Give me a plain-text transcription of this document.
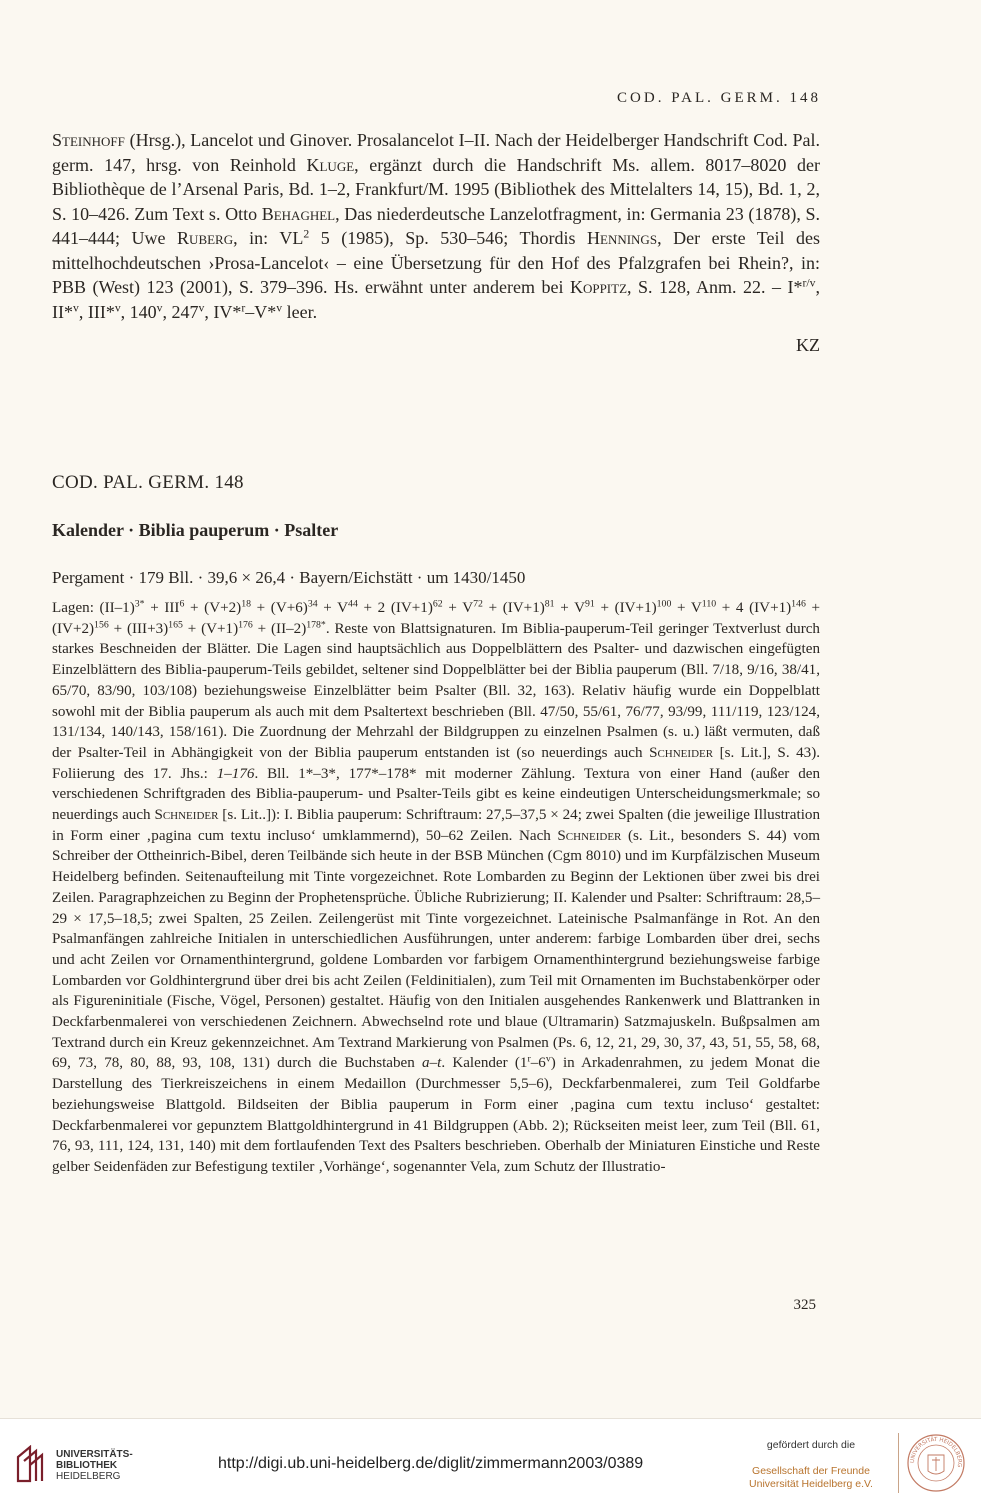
COD. PAL. GERM. 148
Steinhoff (Hrsg.), Lancelot und Ginover. Prosalancelot I–II. Nach der Heidelberger Handschrift Cod. Pal. germ. 147, hrsg. von Reinhold Kluge, ergänzt durch die Handschrift Ms. allem. 8017–8020 der Bibliothèque de l’Arsenal Paris, Bd. 1–2, Frankfurt/M. 1995 (Bibliothek des Mittelalters 14, 15), Bd. 1, 2, S. 10–426. Zum Text s. Otto Behaghel, Das niederdeutsche Lanzelotfragment, in: Germania 23 (1878), S. 441–444; Uwe Ruberg, in: $VL^2$ 5 (1985), Sp. 530–546; Thordis Hennings, Der erste Teil des mittelhochdeutschen ›Prosa-Lancelot‹ – eine Übersetzung für den Hof des Pfalzgrafen bei Rhein?, in: PBB (West) 123 (2001), S. 379–396. Hs. erwähnt unter anderem bei Koppitz, S. 128, Anm. 22. – I*$^{r/v}$, II*$^v$, III*$^v$, 140$^v$, 247$^v$, IV*$^r$–V*$^v$ leer.
KZ
COD. PAL. GERM. 148
Kalender · Biblia pauperum · Psalter
Pergament · 179 Bll. · 39,6 × 26,4 · Bayern/Eichstätt · um 1430/1450
Lagen: $(II-1)^{3*} + III^6 + (V+2)^{18} + (V+6)^{34} + V^{44} + 2$ $(IV+1)^{62} + V^{72} + (IV+1)^{81} + V^{91} + (IV+1)^{100} + V^{110} + 4$ $(IV+1)^{146} + (IV+2)^{156} + (III+3)^{165} + (V+1)^{176} + (II-2)^{178*}$. Reste von Blattsignaturen. Im Biblia-pauperum-Teil geringer Textverlust durch starkes Beschneiden der Blätter. Die Lagen sind hauptsächlich aus Doppelblättern des Psalter- und dazwischen eingefügten Einzelblättern des Biblia-pauperum-Teils gebildet, seltener sind Doppelblätter bei der Biblia pauperum (Bll. 7/18, 9/16, 38/41, 65/70, 83/90, 103/108) beziehungsweise Einzelblätter beim Psalter (Bll. 32, 163). Relativ häufig wurde ein Doppelblatt sowohl mit der Biblia pauperum als auch mit dem Psaltertext beschrieben (Bll. 47/50, 55/61, 76/77, 93/99, 111/119, 123/124, 131/134, 140/143, 158/161). Die Zuordnung der Mehrzahl der Bildgruppen zu einzelnen Psalmen (s. u.) läßt vermuten, daß der Psalter-Teil in Abhängigkeit von der Biblia pauperum entstanden ist (so neuerdings auch Schneider [s. Lit.], S. 43). Foliierung des 17. Jhs.: 1–176. Bll. 1*–3*, 177*–178* mit moderner Zählung. Textura von einer Hand (außer den verschiedenen Schriftgraden des Biblia-pauperum- und Psalter-Teils gibt es keine eindeutigen Unterscheidungsmerkmale; so neuerdings auch Schneider [s. Lit..]): I. Biblia pauperum: Schriftraum: 27,5–37,5 × 24; zwei Spalten (die jeweilige Illustration in Form einer ‚pagina cum textu incluso‘ umklammernd), 50–62 Zeilen. Nach Schneider (s. Lit., besonders S. 44) vom Schreiber der Ottheinrich-Bibel, deren Teilbände sich heute in der BSB München (Cgm 8010) und im Kurpfälzischen Museum Heidelberg befinden. Seitenaufteilung mit Tinte vorgezeichnet. Rote Lombarden zu Beginn der Lektionen über zwei bis drei Zeilen. Paragraphzeichen zu Beginn der Prophetensprüche. Übliche Rubrizierung; II. Kalender und Psalter: Schriftraum: 28,5–29 × 17,5–18,5; zwei Spalten, 25 Zeilen. Zeilengerüst mit Tinte vorgezeichnet. Lateinische Psalmanfänge in Rot. An den Psalmanfängen zahlreiche Initialen in unterschiedlichen Ausführungen, unter anderem: farbige Lombarden über drei, sechs und acht Zeilen vor Ornamenthintergrund, goldene Lombarden vor farbigem Ornamenthintergrund beziehungsweise farbige Lombarden vor Goldhintergrund über drei bis acht Zeilen (Feldinitialen), zum Teil mit Ornamenten im Buchstabenkörper oder als Figureninitiale (Fische, Vögel, Personen) gestaltet. Häufig von den Initialen ausgehendes Rankenwerk und Blattranken in Deckfarbenmalerei von verschiedenen Zeichnern. Abwechselnd rote und blaue (Ultramarin) Satzmajuskeln. Bußpsalmen am Textrand durch ein Kreuz gekennzeichnet. Am Textrand Markierung von Psalmen (Ps. 6, 12, 21, 29, 30, 37, 43, 51, 55, 58, 68, 69, 73, 78, 80, 88, 93, 108, 131) durch die Buchstaben a–t. Kalender (1$^r$–6$^v$) in Arkadenrahmen, zu jedem Monat die Darstellung des Tierkreiszeichens in einem Medaillon (Durchmesser 5,5–6), Deckfarbenmalerei, zum Teil Goldfarbe beziehungsweise Blattgold. Bildseiten der Biblia pauperum in Form einer ‚pagina cum textu incluso‘ gestaltet: Deckfarbenmalerei vor gepunztem Blattgoldhintergrund in 41 Bildgruppen (Abb. 2); Rückseiten meist leer, zum Teil (Bll. 61, 76, 93, 111, 124, 131, 140) mit dem fortlaufenden Text des Psalters beschrieben. Oberhalb der Miniaturen Einstiche und Reste gelber Seidenfäden zur Befestigung textiler ‚Vorhänge‘, sogenannter Vela, zum Schutz der Illustratio-
325
UNIVERSITÄTS-
BIBLIOTHEK
HEIDELBERG
http://digi.ub.uni-heidelberg.de/diglit/zimmermann2003/0389
gefördert durch die
Gesellschaft der Freunde
Universität Heidelberg e.V.
UNIVERSITÄT HEIDELBERG
